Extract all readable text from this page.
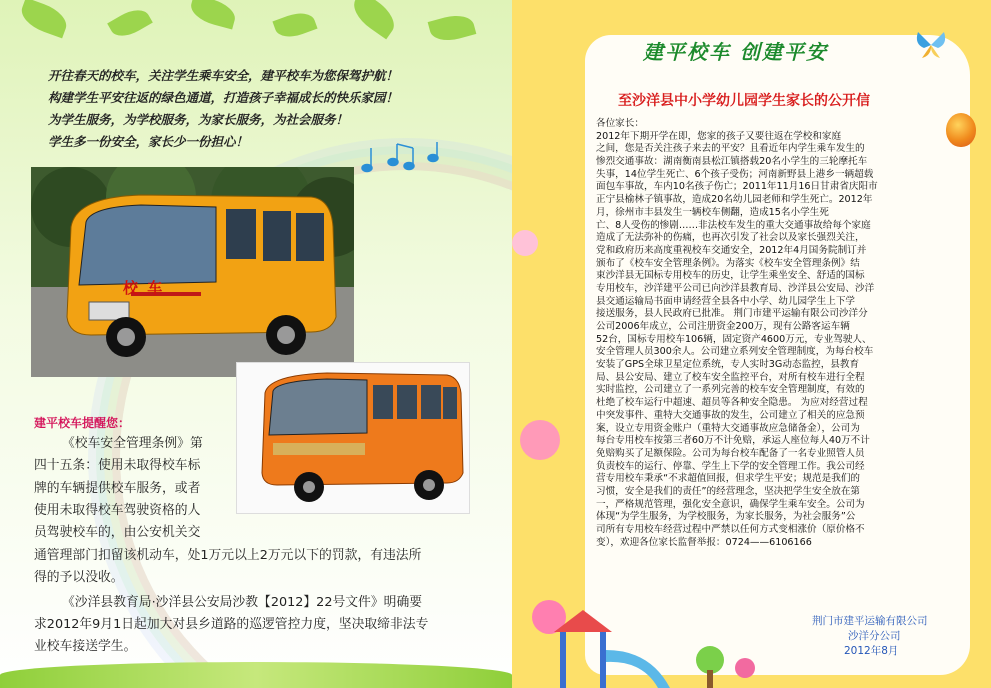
开往春天的校车，关注学生乘车安全，建平校车为您保驾护航！
构建学生平安往返的绿色通道，打造孩子幸福成长的快乐家园！
为学生服务，为学校服务，为家长服务，为社会服务！
学生多一份安全，家长少一份担心！
校 车
建平校车提醒您：
《校车安全管理条例》第
四十五条：使用未取得校车标
牌的车辆提供校车服务，或者
使用未取得校车驾驶资格的人
员驾驶校车的，由公安机关交
通管理部门扣留该机动车，处1万元以上2万元以下的罚款，有违法所
得的予以没收。
《沙洋县教育局·沙洋县公安局沙教【2012】22号文件》明确要
求2012年9月1日起加大对县乡道路的巡逻管控力度，坚决取缔非法专
业校车接送学生。
建平校车 创建平安
至沙洋县中小学幼儿园学生家长的公开信

各位家长：

2012年下期开学在即，您家的孩子又要往返在学校和家庭

之间，您是否关注孩子来去的平安？且看近年内学生乘车发生的

惨烈交通事故：湖南衡南县松江镇搭载20名小学生的三轮摩托车

失事，14位学生死亡、6个孩子受伤；河南新野县上港乡一辆超载

面包车事故，车内10名孩子伤亡；2011年11月16日甘肃省庆阳市

正宁县榆林子镇事故，造成20名幼儿园老师和学生死亡。2012年

月，徐州市丰县发生一辆校车侧翻，造成15名小学生死

亡、8人受伤的惨剧……非法校车发生的重大交通事故给每个家庭

造成了无法弥补的伤痛，也再次引发了社会以及家长强烈关注，

党和政府历来高度重视校车交通安全，2012年4月国务院制订并

颁布了《校车安全管理条例》。为落实《校车安全管理条例》结

束沙洋县无国标专用校车的历史，让学生乘坐安全、舒适的国标

专用校车，沙洋建平公司已向沙洋县教育局、沙洋县公安局、沙洋

县交通运输局书面申请经营全县各中小学、幼儿园学生上下学

接送服务，县人民政府已批准。 荆门市建平运输有限公司沙洋分

公司2006年成立，公司注册资金200万，现有公路客运车辆

52台，国标专用校车106辆，固定资产4600万元，专业驾驶人、

安全管理人员300余人。公司建立系列安全管理制度，为每台校车

安装了GPS全球卫星定位系统，专人实时3G动态监控，县教育

局、县公安局、建立了校车安全监控平台，对所有校车进行全程

实时监控，公司建立了一系列完善的校车安全管理制度，有效的

杜绝了校车运行中超速、超员等各种安全隐患。 为应对经营过程

中突发事件、重特大交通事故的发生，公司建立了相关的应急预

案，设立专用资金账户（重特大交通事故应急储备金），公司为

每台专用校车按第三者60万不计免赔，承运人座位每人40万不计

免赔购买了足额保险。公司为每台校车配备了一名专业照管人员

负责校车的运行、停靠、学生上下学的安全管理工作。我公司经

营专用校车秉承“不求超值回报，但求学生平安；规范是我们的

习惯，安全是我们的责任”的经营理念，坚决把学生安全放在第

一，严格规范管理，强化安全意识，确保学生乘车安全。公司为

体现“为学生服务，为学校服务，为家长服务，为社会服务”公

司所有专用校车经营过程中严禁以任何方式变相涨价（原价格不

变），欢迎各位家长监督举报：0724——6106166

荆门市建平运输有限公司
沙洋分公司
2012年8月
